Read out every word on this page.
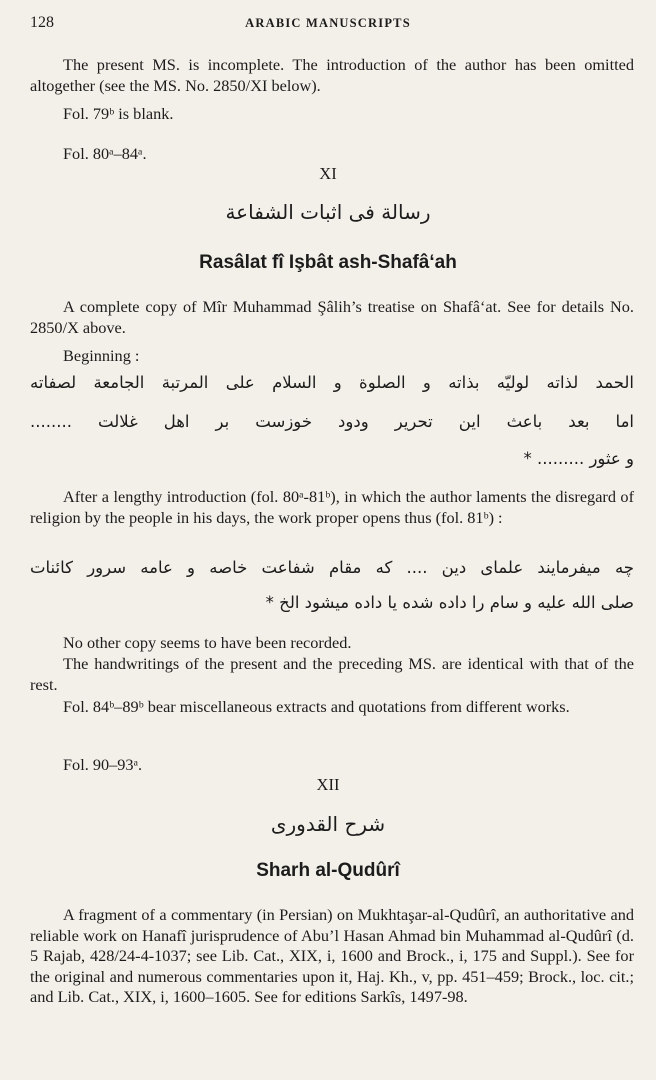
128	ARABIC MANUSCRIPTS

The present MS. is incomplete. The introduction of the author has been omitted altogether (see the MS. No. 2850/XI below).

Fol. 79ᵇ is blank.
Fol. 80ᵃ–84ᵃ.
XI
رسالة فی اثبات الشفاعة
Rasâlat fî Işbât ash-Shafâ‘ah

A complete copy of Mîr Muhammad Şâlih’s treatise on Shafâ‘at. See for details No. 2850/X above.

Beginning :
الحمد لذاته لولیّه بذاته و الصلوة و السلام علی المرتبة الجامعة لصفاته
اما بعد باعث این تحریر ودود خوزست بر اهل غلالت ........
و عثور ......... *

After a lengthy introduction (fol. 80ᵃ-81ᵇ), in which the author laments the disregard of religion by the people in his days, the work proper opens thus (fol. 81ᵇ) :

چه میفرمایند علمای دین .... که مقام شفاعت خاصه و عامه سرور کائنات
صلی الله علیه و سام را داده شده یا داده میشود الخ *
No other copy seems to have been recorded.

The handwritings of the present and the preceding MS. are identical with that of the rest.

Fol. 84ᵇ–89ᵇ bear miscellaneous extracts and quotations from different works.

Fol. 90–93ᵃ.
XII
شرح القدوری
Sharh al-Qudûrî

A fragment of a commentary (in Persian) on Mukhtaşar-al-Qudûrî, an authoritative and reliable work on Hanafî jurisprudence of Abu’l Hasan Ahmad bin Muhammad al-Qudûrî (d. 5 Rajab, 428/24-4-1037; see Lib. Cat., XIX, i, 1600 and Brock., i, 175 and Suppl.). See for the original and numerous commentaries upon it, Haj. Kh., v, pp. 451–459; Brock., loc. cit.; and Lib. Cat., XIX, i, 1600–1605. See for editions Sarkîs, 1497-98.
